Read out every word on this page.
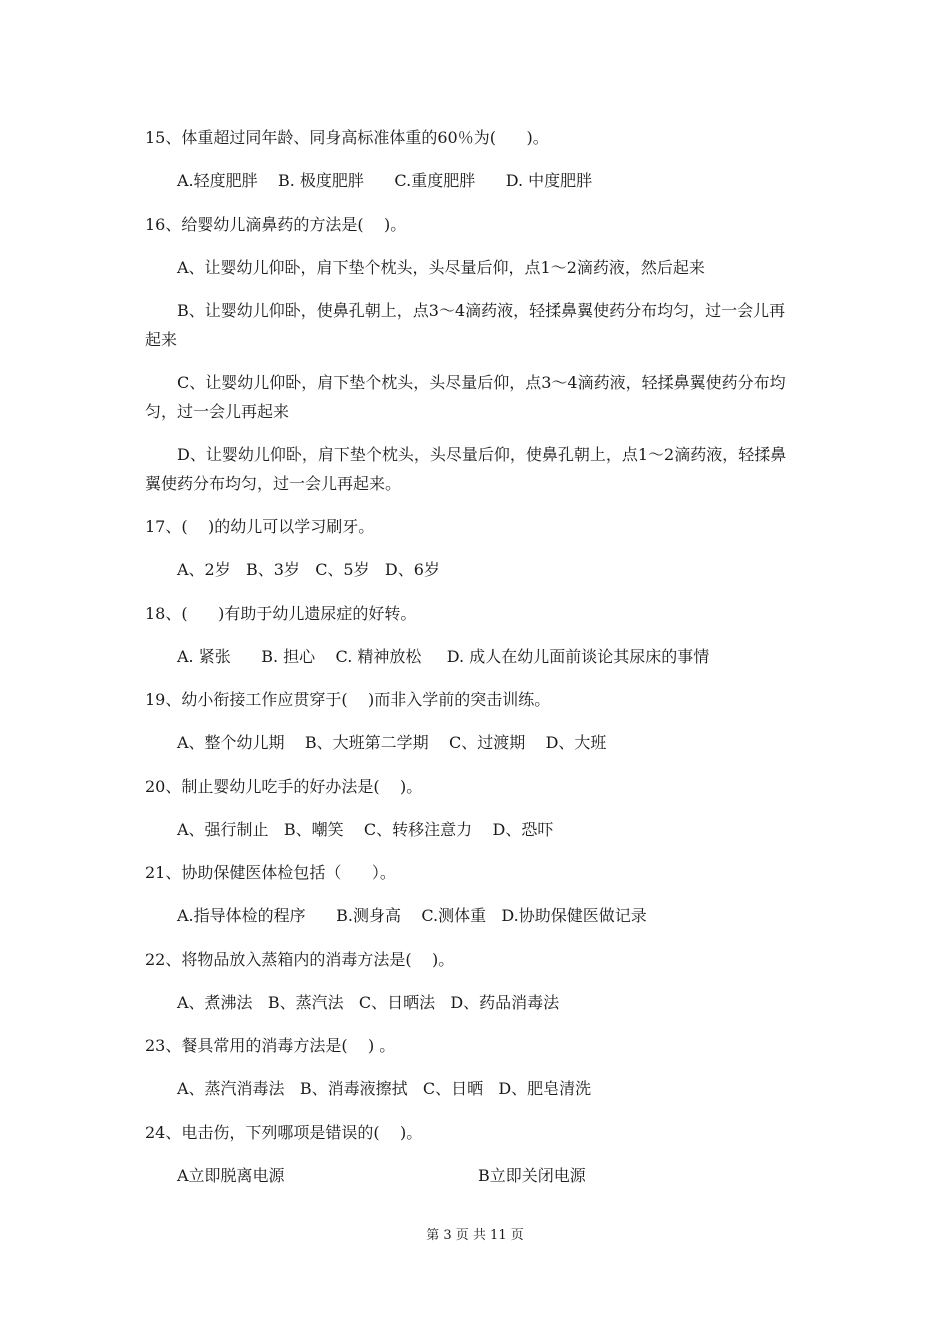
15、体重超过同年龄、同身高标准体重的60％为(      )。
A.轻度肥胖    B. 极度肥胖      C.重度肥胖      D. 中度肥胖
16、给婴幼儿滴鼻药的方法是(    )。
A、让婴幼儿仰卧，肩下垫个枕头，头尽量后仰，点1～2滴药液，然后起来
B、让婴幼儿仰卧，使鼻孔朝上，点3～4滴药液，轻揉鼻翼使药分布均匀，过一会儿再
起来
C、让婴幼儿仰卧，肩下垫个枕头，头尽量后仰，点3～4滴药液，轻揉鼻翼使药分布均
匀，过一会儿再起来
D、让婴幼儿仰卧，肩下垫个枕头，头尽量后仰，使鼻孔朝上，点1～2滴药液，轻揉鼻
翼使药分布均匀，过一会儿再起来。
17、(    )的幼儿可以学习刷牙。
A、2岁   B、3岁   C、5岁   D、6岁
18、(      )有助于幼儿遗尿症的好转。
A. 紧张      B. 担心    C. 精神放松     D. 成人在幼儿面前谈论其尿床的事情
19、幼小衔接工作应贯穿于(    )而非入学前的突击训练。
A、整个幼儿期    B、大班第二学期    C、过渡期    D、大班
20、制止婴幼儿吃手的好办法是(    )。
A、强行制止   B、嘲笑    C、转移注意力    D、恐吓
21、协助保健医体检包括（      ）。
A.指导体检的程序      B.测身高    C.测体重   D.协助保健医做记录
22、将物品放入蒸箱内的消毒方法是(    )。
A、煮沸法   B、蒸汽法   C、日晒法   D、药品消毒法
23、餐具常用的消毒方法是(    ) 。
A、蒸汽消毒法   B、消毒液擦拭   C、日晒   D、肥皂清洗
24、电击伤，下列哪项是错误的(    )。
A立即脱离电源	B立即关闭电源
第 3 页 共 11 页
